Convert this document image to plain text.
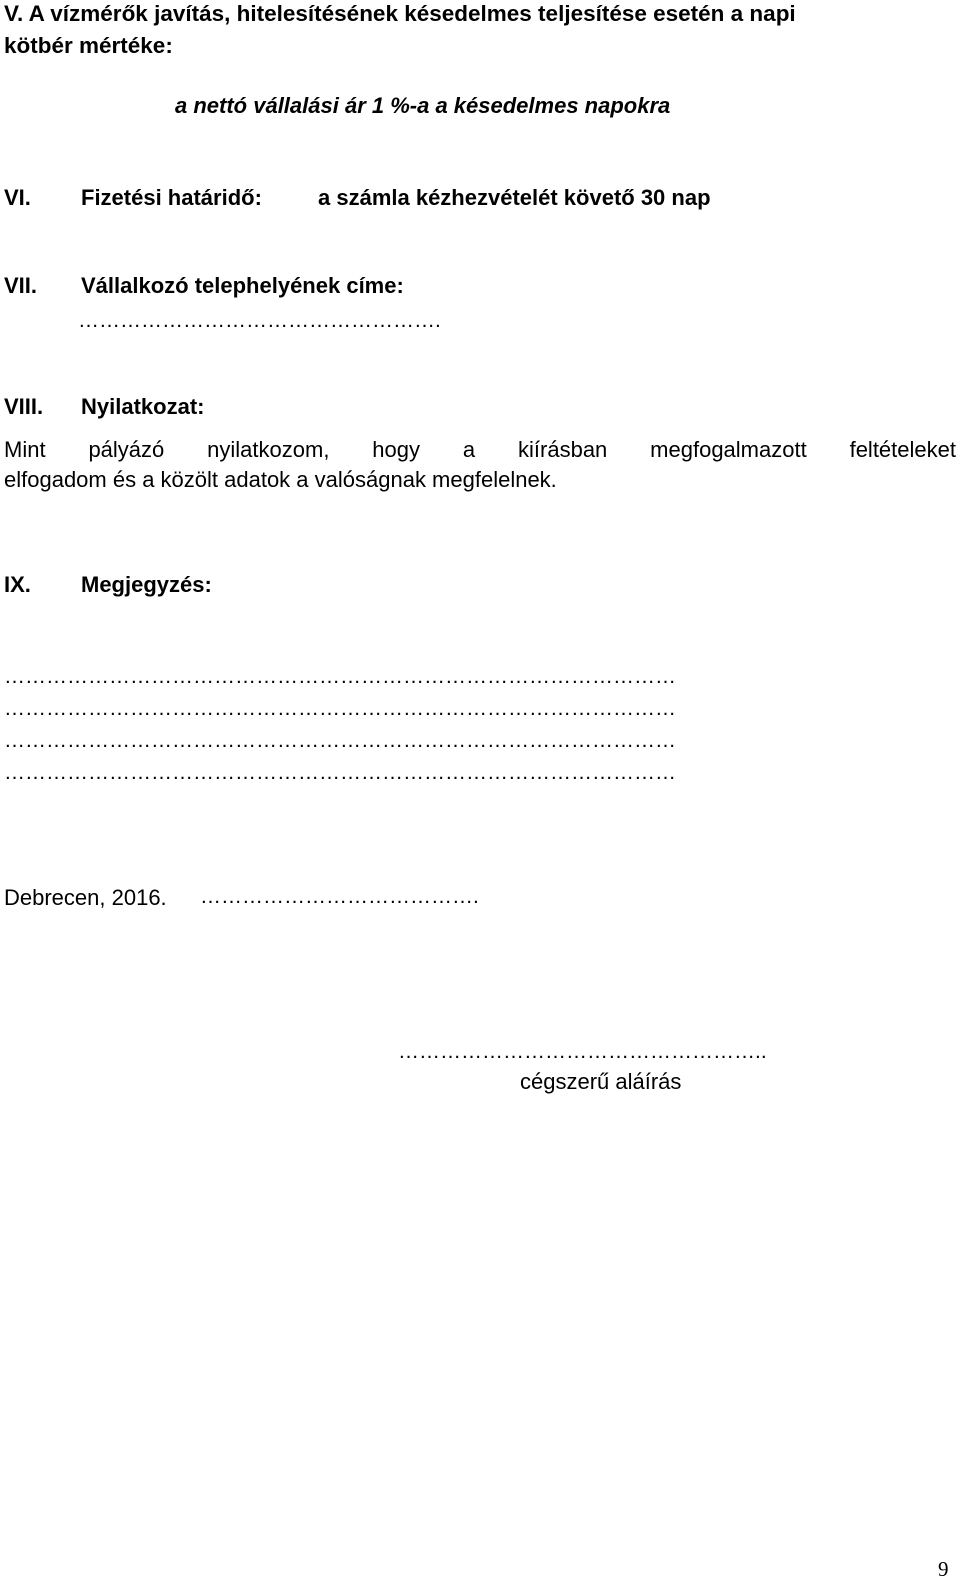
V. A vízmérők javítás, hitelesítésének késedelmes teljesítése esetén a napi

kötbér mértéke:

a nettó vállalási ár 1 %-a a késedelmes napokra

VI. Fizetési határidő:	a számla kézhezvételét követő 30 nap

VII. Vállalkozó telephelyének címe:

…………………………………………….

VIII. Nyilatkozat:

Mint pályázó nyilatkozom, hogy a kiírásban megfogalmazott feltételeket

elfogadom és a közölt adatok a valóságnak megfelelnek.

IX. Megjegyzés:

……………………………………………………………………………………

……………………………………………………………………………………

……………………………………………………………………………………

……………………………………………………………………………………

Debrecen, 2016. ………………………………….

……………………………………………..

cégszerű aláírás

9
